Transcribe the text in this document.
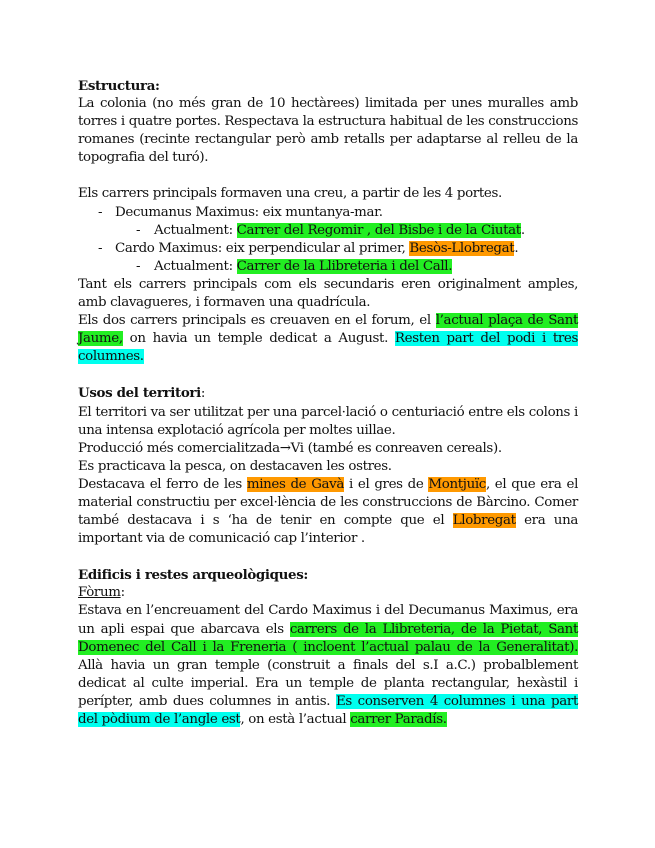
Estructura:

La colonia (no més gran de 10 hectàrees) limitada per unes muralles amb torres i quatre portes. Respectava la estructura habitual de les construccions romanes (recinte rectangular però amb retalls per adaptarse al relleu de la topografia del turó).

Els carrers principals formaven una creu, a partir de les 4 portes.

- Decumanus Maximus: eix muntanya-mar.

- Actualment: Carrer del Regomir , del Bisbe i de la Ciutat.

- Cardo Maximus: eix perpendicular al primer, Besòs-Llobregat.

- Actualment: Carrer de la Llibreteria i del Call.

Tant els carrers principals com els secundaris eren originalment amples, amb clavagueres, i formaven una quadrícula.

Els dos carrers principals es creuaven en el forum, el l’actual plaça de Sant Jaume, on havia un temple dedicat a August. Resten part del podi i tres columnes.

Usos del territori:

El territori va ser utilitzat per una parcel·lació o centuriació entre els colons i una intensa explotació agrícola per moltes uillae.

Producció més comercialitzada→Vi (també es conreaven cereals).

Es practicava la pesca, on destacaven les ostres.

Destacava el ferro de les mines de Gavà i el gres de Montjuïc, el que era el material constructiu per excel·lència de les construccions de Bàrcino. Comer també destacava i s ‘ha de tenir en compte que el Llobregat era una important via de comunicació cap l’interior .

Edificis i restes arqueològiques:

Fòrum:

Estava en l’encreuament del Cardo Maximus i del Decumanus Maximus, era un apli espai que abarcava els carrers de la Llibreteria, de la Pietat, Sant Domenec del Call i la Freneria ( incloent l’actual palau de la Generalitat). Allà havia un gran temple (construit a finals del s.I a.C.) probalblement dedicat al culte imperial. Era un temple de planta rectangular, hexàstil i perípter, amb dues columnes in antis. Es conserven 4 columnes i una part del pòdium de l’angle est, on està l’actual carrer Paradís.
